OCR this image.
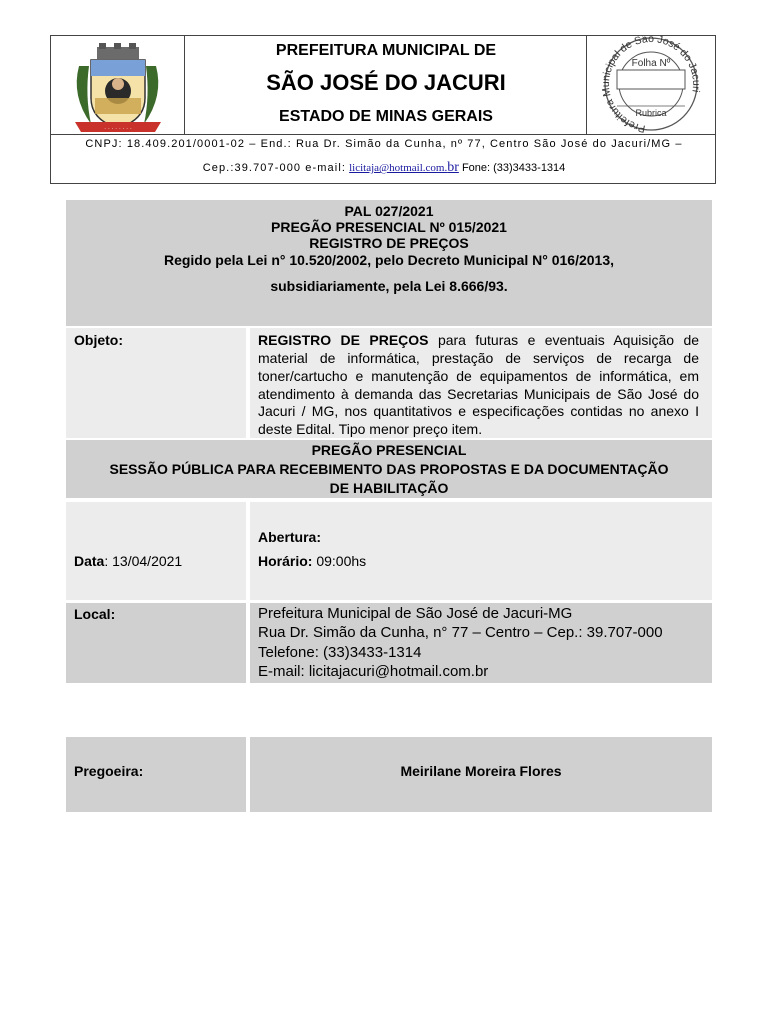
· · · · · · · ·	Prefeitura Municipal de São José do Jacuri
Folha Nº
Rubrica
PREFEITURA MUNICIPAL DE
SÃO JOSÉ DO JACURI
ESTADO DE MINAS GERAIS
CNPJ: 18.409.201/0001-02 – End.: Rua Dr. Simão da Cunha, nº 77, Centro São José do Jacuri/MG –
Cep.:39.707-000 e-mail: licitaja@hotmail.com.br Fone: (33)3433-1314
PAL 027/2021
PREGÃO PRESENCIAL Nº 015/2021
REGISTRO DE PREÇOS
Regido pela Lei n° 10.520/2002, pelo Decreto Municipal N° 016/2013,
subsidiariamente, pela Lei 8.666/93.
Objeto:	REGISTRO DE PREÇOS para futuras e eventuais Aquisição de
material de informática, prestação de serviços de recarga de
toner/cartucho e manutenção de equipamentos de informática, em
atendimento à demanda das Secretarias Municipais de São José do
Jacuri / MG, nos quantitativos e especificações contidas no anexo I
deste Edital. Tipo menor preço item.
PREGÃO PRESENCIAL
SESSÃO PÚBLICA PARA RECEBIMENTO DAS PROPOSTAS E DA DOCUMENTAÇÃO
DE HABILITAÇÃO
Data: 13/04/2021
Abertura:
Horário: 09:00hs
Local:	Prefeitura Municipal de São José de Jacuri-MG
Rua Dr. Simão da Cunha, n° 77 – Centro – Cep.: 39.707-000
Telefone: (33)3433-1314
E-mail: licitajacuri@hotmail.com.br
Pregoeira:	Meirilane Moreira Flores
